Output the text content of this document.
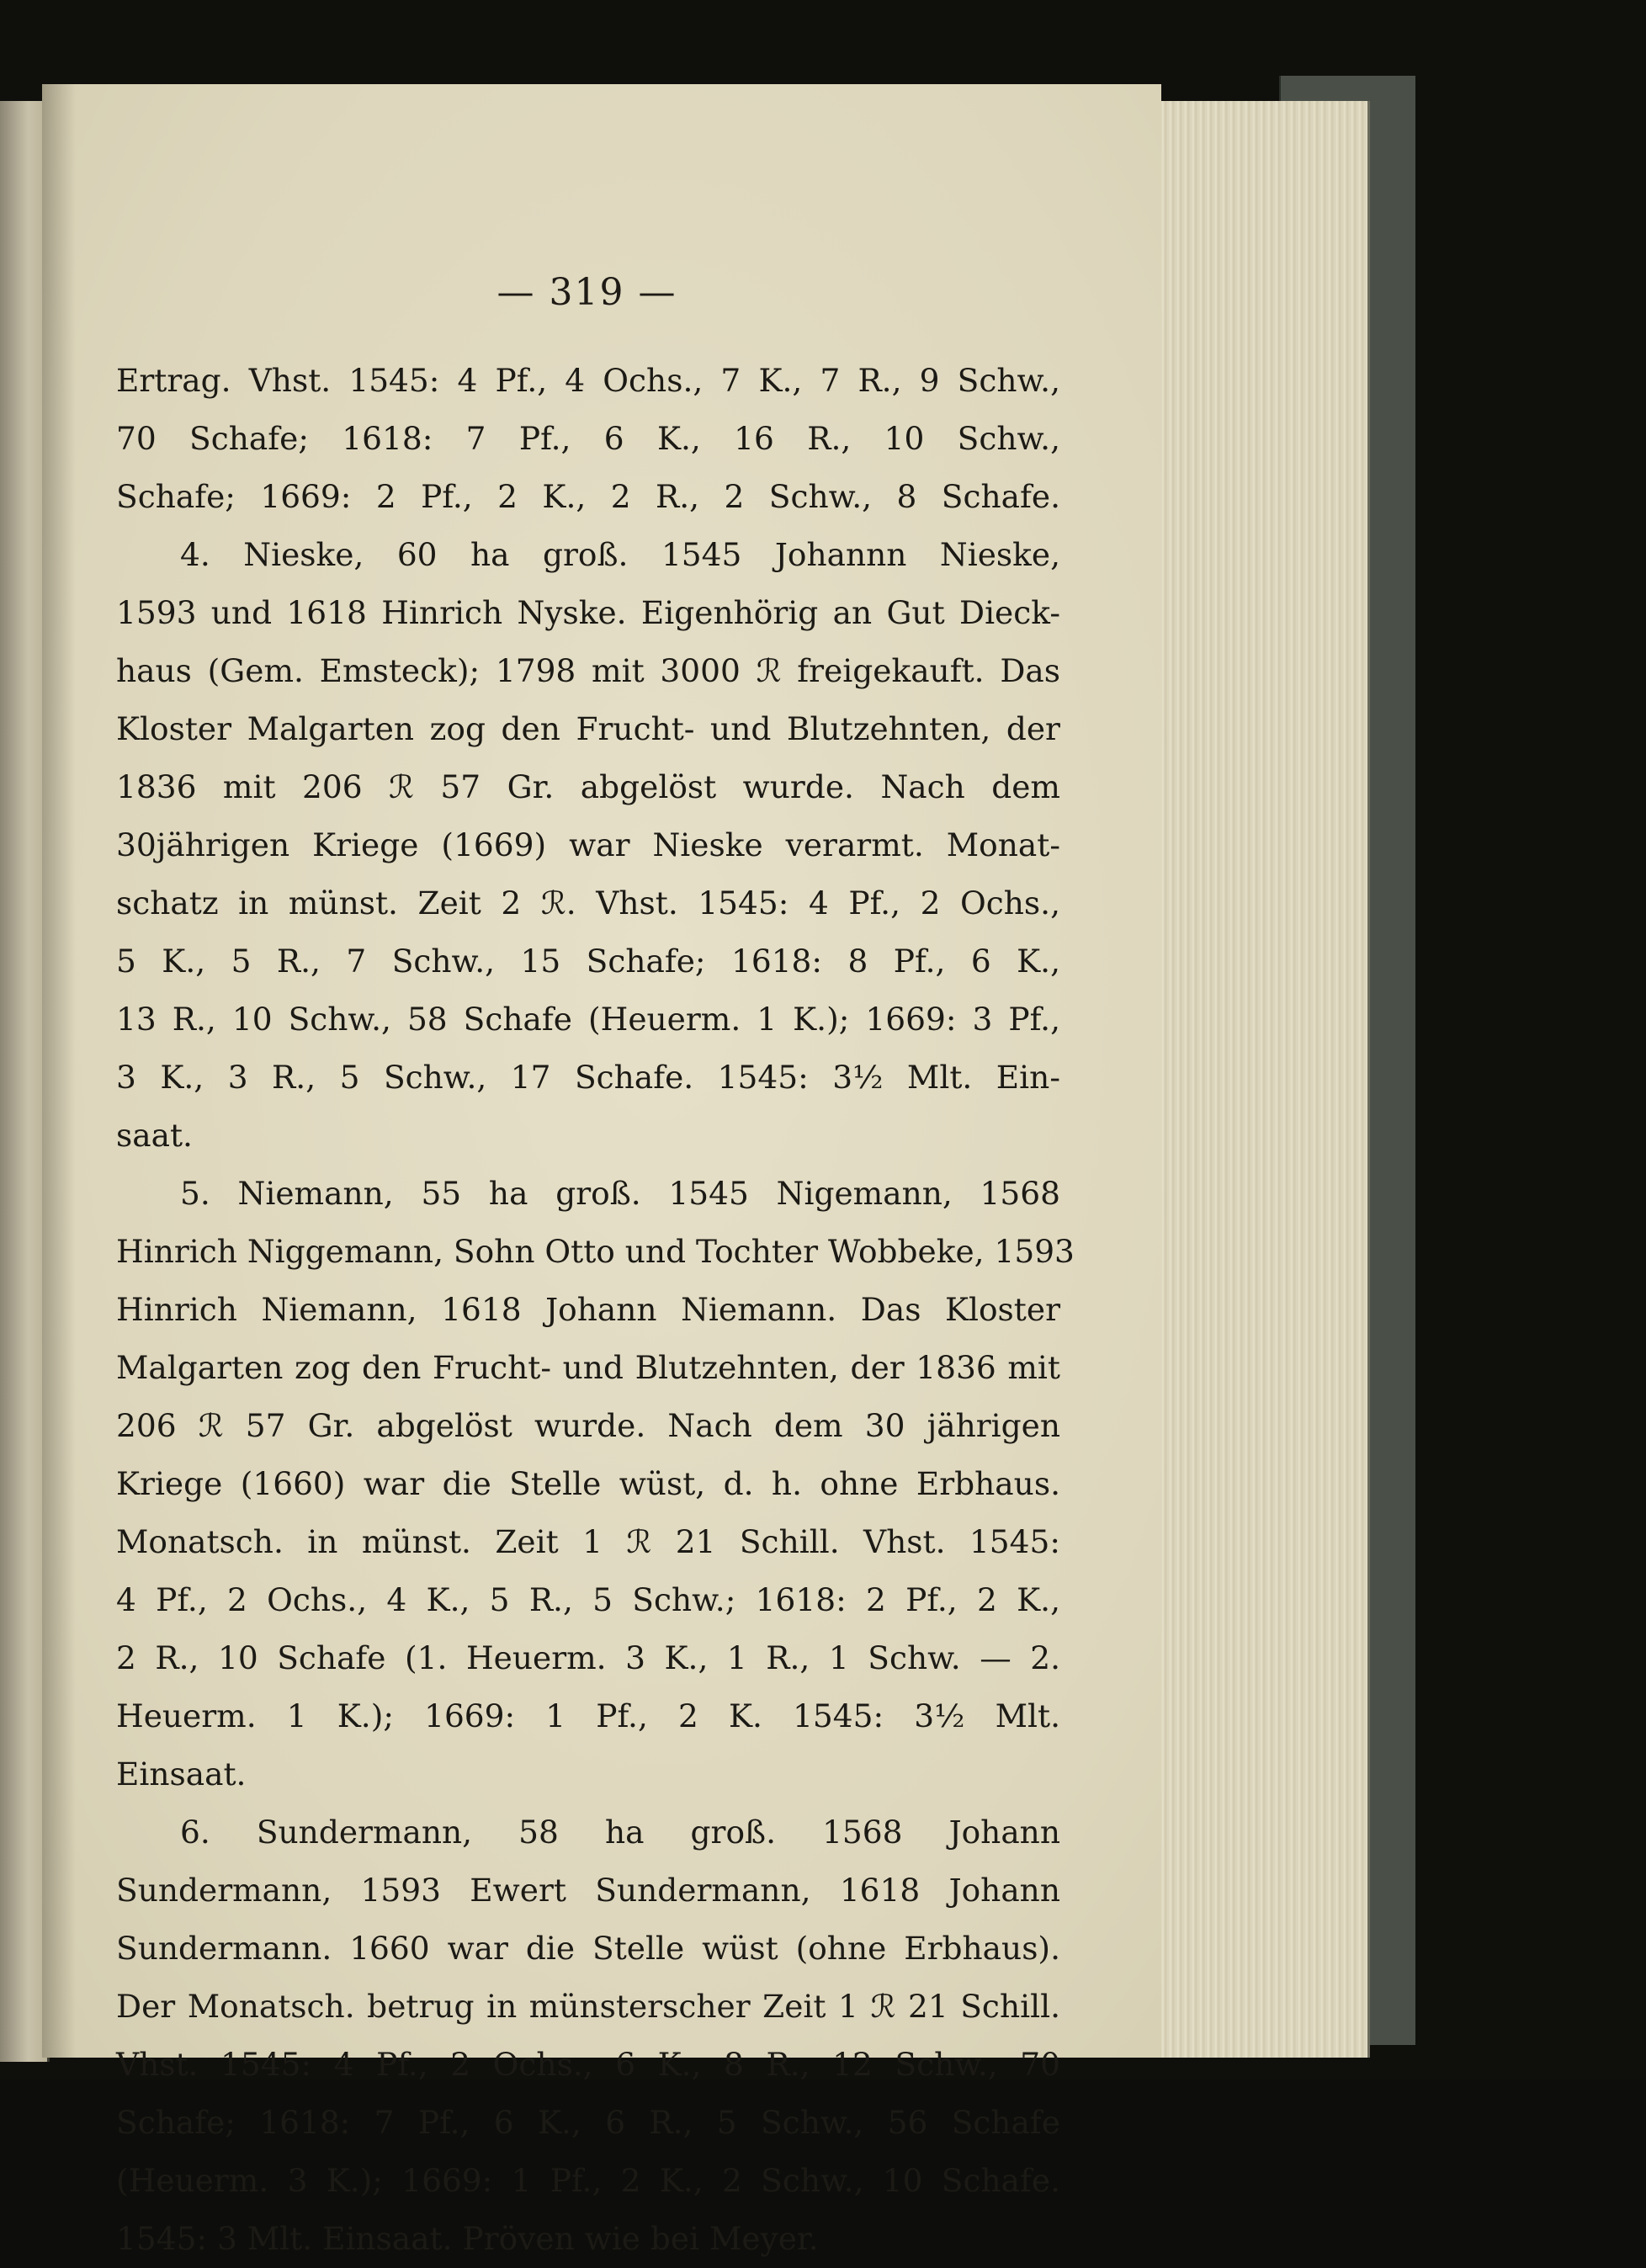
— 319 —
Ertrag. Vhst. 1545: 4 Pf., 4 Ochs., 7 K., 7 R., 9 Schw.,
70 Schafe; 1618: 7 Pf., 6 K., 16 R., 10 Schw.,
Schafe; 1669: 2 Pf., 2 K., 2 R., 2 Schw., 8 Schafe.
4. Nieske, 60 ha groß. 1545 Johannn Nieske,
1593 und 1618 Hinrich Nyske. Eigenhörig an Gut Dieck-
haus (Gem. Emsteck); 1798 mit 3000 ℛ freigekauft. Das
Kloster Malgarten zog den Frucht- und Blutzehnten, der
1836 mit 206 ℛ 57 Gr. abgelöst wurde. Nach dem
30jährigen Kriege (1669) war Nieske verarmt. Monat-
schatz in münst. Zeit 2 ℛ. Vhst. 1545: 4 Pf., 2 Ochs.,
5 K., 5 R., 7 Schw., 15 Schafe; 1618: 8 Pf., 6 K.,
13 R., 10 Schw., 58 Schafe (Heuerm. 1 K.); 1669: 3 Pf.,
3 K., 3 R., 5 Schw., 17 Schafe. 1545: 3½ Mlt. Ein-
saat.
5. Niemann, 55 ha groß. 1545 Nigemann, 1568
Hinrich Niggemann, Sohn Otto und Tochter Wobbeke, 1593
Hinrich Niemann, 1618 Johann Niemann. Das Kloster
Malgarten zog den Frucht- und Blutzehnten, der 1836 mit
206 ℛ 57 Gr. abgelöst wurde. Nach dem 30 jährigen
Kriege (1660) war die Stelle wüst, d. h. ohne Erbhaus.
Monatsch. in münst. Zeit 1 ℛ 21 Schill. Vhst. 1545:
4 Pf., 2 Ochs., 4 K., 5 R., 5 Schw.; 1618: 2 Pf., 2 K.,
2 R., 10 Schafe (1. Heuerm. 3 K., 1 R., 1 Schw. — 2.
Heuerm. 1 K.); 1669: 1 Pf., 2 K. 1545: 3½ Mlt.
Einsaat.
6. Sundermann, 58 ha groß. 1568 Johann
Sundermann, 1593 Ewert Sundermann, 1618 Johann
Sundermann. 1660 war die Stelle wüst (ohne Erbhaus).
Der Monatsch. betrug in münsterscher Zeit 1 ℛ 21 Schill.
Vhst. 1545: 4 Pf., 2 Ochs., 6 K., 8 R., 12 Schw., 70
Schafe; 1618: 7 Pf., 6 K., 6 R., 5 Schw., 56 Schafe
(Heuerm. 3 K.); 1669: 1 Pf., 2 K., 2 Schw., 10 Schafe.
1545: 3 Mlt. Einsaat. Pröven wie bei Meyer.
